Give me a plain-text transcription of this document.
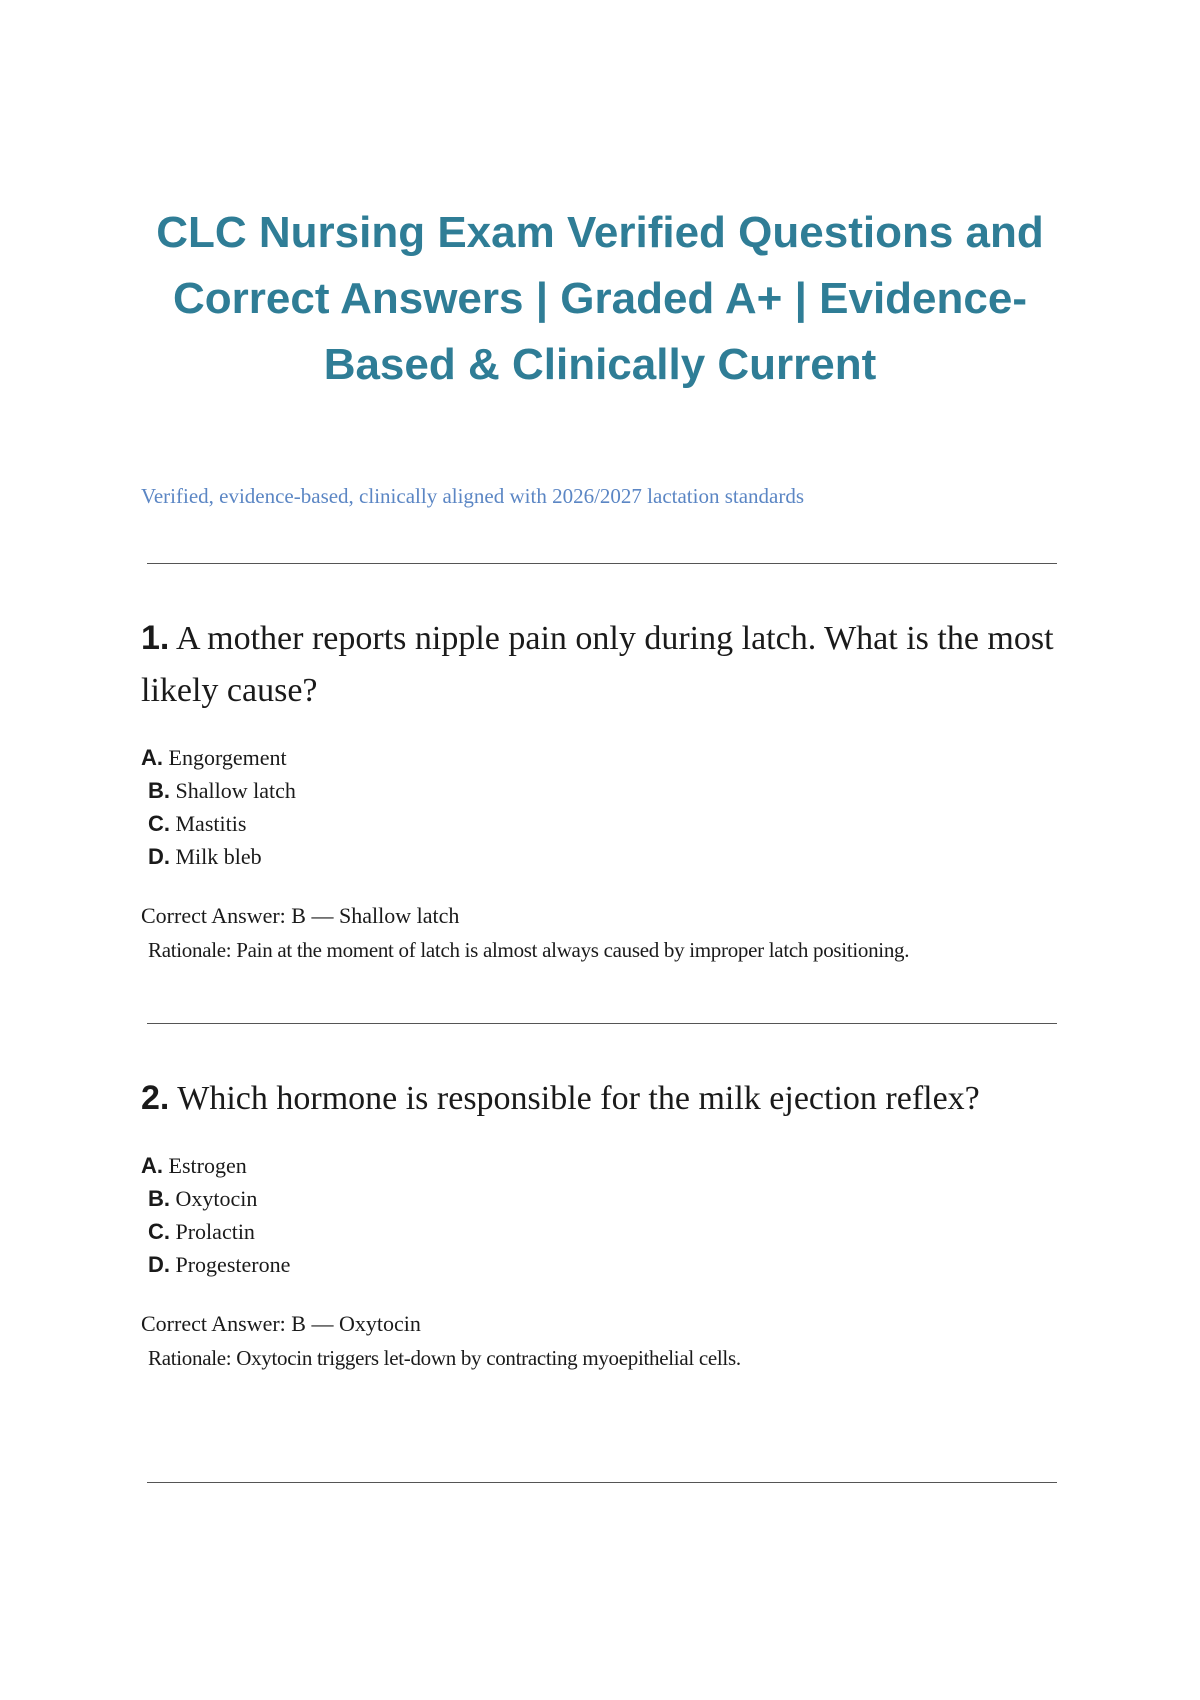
CLC Nursing Exam Verified Questions and Correct Answers | Graded A+ | Evidence-Based & Clinically Current

Verified, evidence-based, clinically aligned with 2026/2027 lactation standards

1. A mother reports nipple pain only during latch. What is the most likely cause?

A. Engorgement
B. Shallow latch
C. Mastitis
D. Milk bleb

Correct Answer: B — Shallow latch

Rationale: Pain at the moment of latch is almost always caused by improper latch positioning.

2. Which hormone is responsible for the milk ejection reflex?

A. Estrogen
B. Oxytocin
C. Prolactin
D. Progesterone

Correct Answer: B — Oxytocin

Rationale: Oxytocin triggers let-down by contracting myoepithelial cells.
